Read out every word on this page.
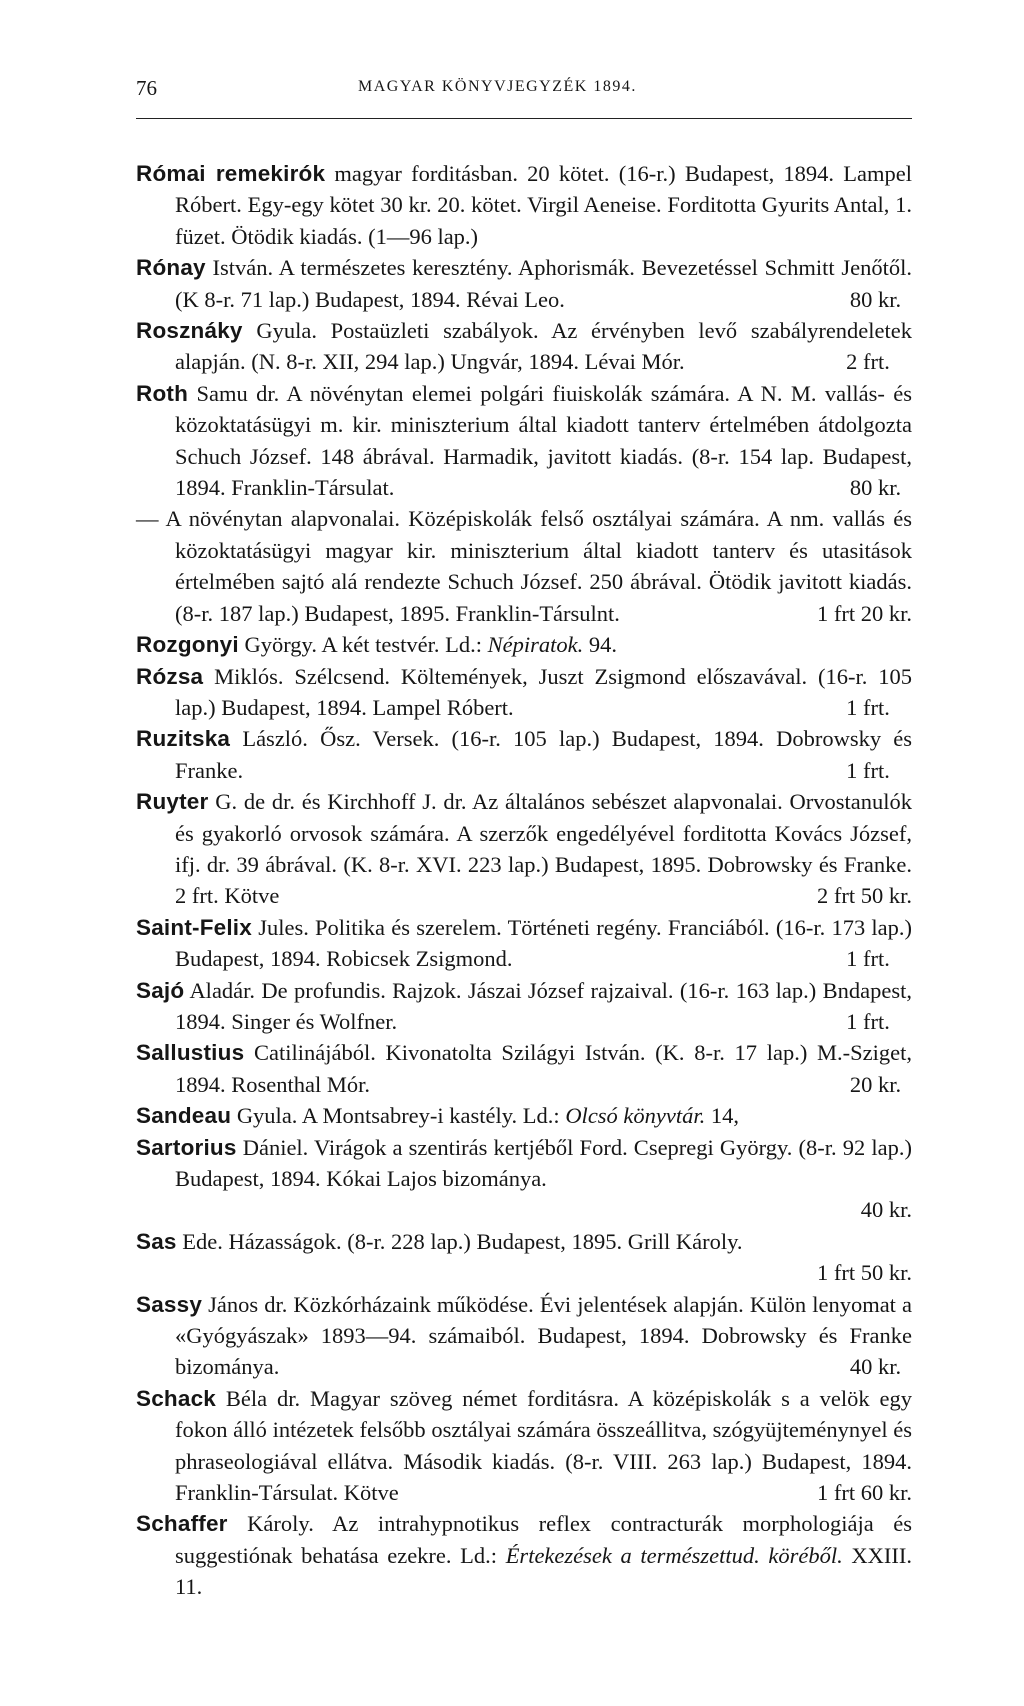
76	MAGYAR KÖNYVJEGYZÉK 1894.
Római remekirók magyar forditásban. 20 kötet. (16-r.) Budapest, 1894. Lampel Róbert. Egy-egy kötet 30 kr. 20. kötet. Virgil Aeneise. Forditotta Gyurits Antal, 1. füzet. Ötödik kiadás. (1—96 lap.)
Rónay István. A természetes keresztény. Aphorismák. Bevezetéssel Schmitt Jenőtől. (K 8-r. 71 lap.) Budapest, 1894. Révai Leo.	80 kr.
Rosznáky Gyula. Postaüzleti szabályok. Az érvényben levő szabályrendeletek alapján. (N. 8-r. XII, 294 lap.) Ungvár, 1894. Lévai Mór.	2 frt.
Roth Samu dr. A növénytan elemei polgári fiuiskolák számára. A N. M. vallás- és közoktatásügyi m. kir. miniszterium által kiadott tanterv értelmében átdolgozta Schuch József. 148 ábrával. Harmadik, javitott kiadás. (8-r. 154 lap. Budapest, 1894. Franklin-Társulat.	80 kr.
— A növénytan alapvonalai. Középiskolák felső osztályai számára. A nm. vallás és közoktatásügyi magyar kir. miniszterium által kiadott tanterv és utasitások értelmében sajtó alá rendezte Schuch József. 250 ábrával. Ötödik javitott kiadás. (8-r. 187 lap.) Budapest, 1895. Franklin-Társulnt.	1 frt 20 kr.
Rozgonyi György. A két testvér. Ld.: Népiratok. 94.
Rózsa Miklós. Szélcsend. Költemények, Juszt Zsigmond előszavával. (16-r. 105 lap.) Budapest, 1894. Lampel Róbert.	1 frt.
Ruzitska László. Ősz. Versek. (16-r. 105 lap.) Budapest, 1894. Dobrowsky és Franke.	1 frt.
Ruyter G. de dr. és Kirchhoff J. dr. Az általános sebészet alapvonalai. Orvostanulók és gyakorló orvosok számára. A szerzők engedélyével forditotta Kovács József, ifj. dr. 39 ábrával. (K. 8-r. XVI. 223 lap.) Budapest, 1895. Dobrowsky és Franke. 2 frt. Kötve	2 frt 50 kr.
Saint-Felix Jules. Politika és szerelem. Történeti regény. Franciából. (16-r. 173 lap.) Budapest, 1894. Robicsek Zsigmond.	1 frt.
Sajó Aladár. De profundis. Rajzok. Jászai József rajzaival. (16-r. 163 lap.) Bndapest, 1894. Singer és Wolfner.	1 frt.
Sallustius Catilinájából. Kivonatolta Szilágyi István. (K. 8-r. 17 lap.) M.-Sziget, 1894. Rosenthal Mór.	20 kr.
Sandeau Gyula. A Montsabrey-i kastély. Ld.: Olcsó könyvtár. 14,
Sartorius Dániel. Virágok a szentirás kertjéből Ford. Csepregi György. (8-r. 92 lap.) Budapest, 1894. Kókai Lajos bizománya.
40 kr.
Sas Ede. Házasságok. (8-r. 228 lap.) Budapest, 1895. Grill Károly.
1 frt 50 kr.
Sassy János dr. Közkórházaink működése. Évi jelentések alapján. Külön lenyomat a «Gyógyászak» 1893—94. számaiból. Budapest, 1894. Dobrowsky és Franke bizománya.	40 kr.
Schack Béla dr. Magyar szöveg német forditásra. A középiskolák s a velök egy fokon álló intézetek felsőbb osztályai számára összeállitva, szógyüjteménynyel és phraseologiával ellátva. Második kiadás. (8-r. VIII. 263 lap.) Budapest, 1894. Franklin-Társulat. Kötve	1 frt 60 kr.
Schaffer Károly. Az intrahypnotikus reflex contracturák morphologiája és suggestiónak behatása ezekre. Ld.: Értekezések a természettud. köréből. XXIII. 11.
